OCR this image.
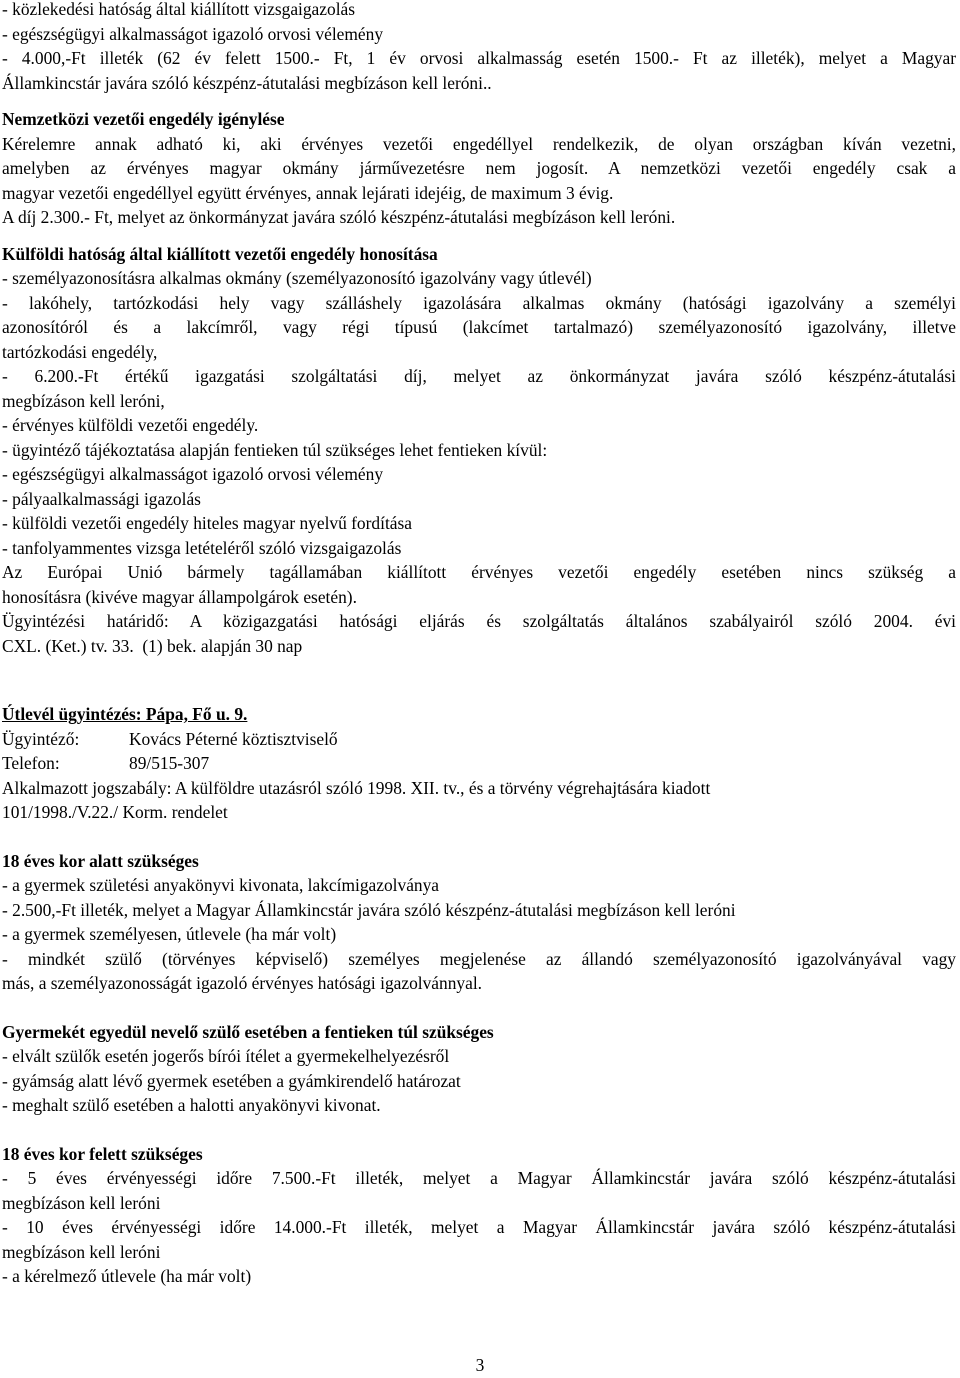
- közlekedési hatóság által kiállított vizsgaigazolás
- egészségügyi alkalmasságot igazoló orvosi vélemény
- 4.000,-Ft illeték (62 év felett 1500.- Ft, 1 év orvosi alkalmasság esetén 1500.- Ft az illeték), melyet a Magyar
Államkincstár javára szóló készpénz-átutalási megbízáson kell leróni..
Nemzetközi vezetői engedély igénylése
Kérelemre annak adható ki, aki érvényes vezetői engedéllyel rendelkezik, de olyan országban kíván vezetni,
amelyben az érvényes magyar okmány járművezetésre nem jogosít. A nemzetközi vezetői engedély csak a
magyar vezetői engedéllyel együtt érvényes, annak lejárati idejéig, de maximum 3 évig.
A díj 2.300.- Ft, melyet az önkormányzat javára szóló készpénz-átutalási megbízáson kell leróni.
Külföldi hatóság által kiállított vezetői engedély honosítása
- személyazonosításra alkalmas okmány (személyazonosító igazolvány vagy útlevél)
- lakóhely, tartózkodási hely vagy szálláshely igazolására alkalmas okmány (hatósági igazolvány a személyi
azonosítóról és a lakcímről, vagy régi típusú (lakcímet tartalmazó) személyazonosító igazolvány, illetve
tartózkodási engedély,
- 6.200.-Ft értékű igazgatási szolgáltatási díj, melyet az önkormányzat javára szóló készpénz-átutalási
megbízáson kell leróni,
- érvényes külföldi vezetői engedély.
- ügyintéző tájékoztatása alapján fentieken túl szükséges lehet fentieken kívül:
- egészségügyi alkalmasságot igazoló orvosi vélemény
- pályaalkalmassági igazolás
- külföldi vezetői engedély hiteles magyar nyelvű fordítása
- tanfolyammentes vizsga letételéről szóló vizsgaigazolás
Az Európai Unió bármely tagállamában kiállított érvényes vezetői engedély esetében nincs szükség a
honosításra (kivéve magyar állampolgárok esetén).
Ügyintézési határidő: A közigazgatási hatósági eljárás és szolgáltatás általános szabályairól szóló 2004. évi
CXL. (Ket.) tv. 33.  (1) bek. alapján 30 nap
Útlevél ügyintézés: Pápa, Fő u. 9.
Ügyintéző:	Kovács Péterné köztisztviselő
Telefon:	89/515-307
Alkalmazott jogszabály: A külföldre utazásról szóló 1998. XII. tv., és a törvény végrehajtására kiadott
101/1998./V.22./ Korm. rendelet
18 éves kor alatt szükséges
- a gyermek születési anyakönyvi kivonata, lakcímigazolványa
- 2.500,-Ft illeték, melyet a Magyar Államkincstár javára szóló készpénz-átutalási megbízáson kell leróni
- a gyermek személyesen, útlevele (ha már volt)
- mindkét szülő (törvényes képviselő) személyes megjelenése az állandó személyazonosító igazolványával vagy
más, a személyazonosságát igazoló érvényes hatósági igazolvánnyal.
Gyermekét egyedül nevelő szülő esetében a fentieken túl szükséges
- elvált szülők esetén jogerős bírói ítélet a gyermekelhelyezésről
- gyámság alatt lévő gyermek esetében a gyámkirendelő határozat
- meghalt szülő esetében a halotti anyakönyvi kivonat.
18 éves kor felett szükséges
- 5 éves érvényességi időre 7.500.-Ft illeték, melyet a Magyar Államkincstár javára szóló készpénz-átutalási
megbízáson kell leróni
- 10 éves érvényességi időre 14.000.-Ft illeték, melyet a Magyar Államkincstár javára szóló készpénz-átutalási
megbízáson kell leróni
- a kérelmező útlevele (ha már volt)
3
